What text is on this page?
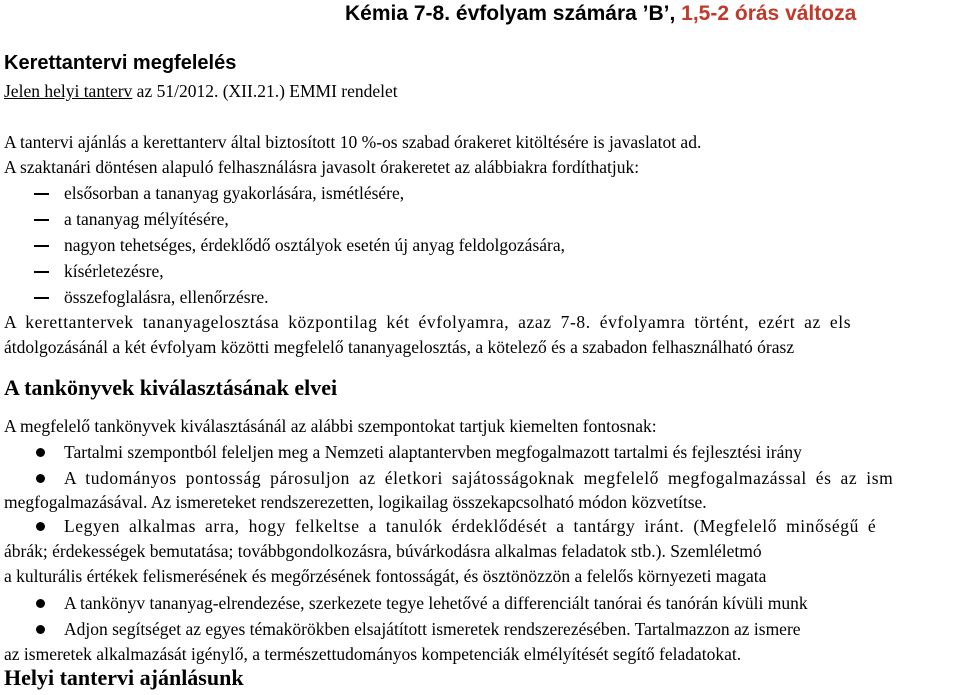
Kémia 7-8. évfolyam számára ’B’, 1,5-2 órás változa
Kerettantervi megfelelés
Jelen helyi tanterv az 51/2012. (XII.21.) EMMI rendelet
A tantervi ajánlás a kerettanterv által biztosított 10 %-os szabad órakeret kitöltésére is javaslatot ad.
A szaktanári döntésen alapuló felhasználásra javasolt órakeretet az alábbiakra fordíthatjuk:
elsősorban a tananyag gyakorlására, ismétlésére,
a tananyag mélyítésére,
nagyon tehetséges, érdeklődő osztályok esetén új anyag feldolgozására,
kísérletezésre,
összefoglalásra, ellenőrzésre.
A kerettantervek tananyagelosztása központilag két évfolyamra, azaz 7-8. évfolyamra történt, ezért az els
átdolgozásánál a két évfolyam közötti megfelelő tananyagelosztás, a kötelező és a szabadon felhasználható órasz
A tankönyvek kiválasztásának elvei
A megfelelő tankönyvek kiválasztásánál az alábbi szempontokat tartjuk kiemelten fontosnak:
Tartalmi szempontból feleljen meg a Nemzeti alaptantervben megfogalmazott tartalmi és fejlesztési irány
A tudományos pontosság párosuljon az életkori sajátosságoknak megfelelő megfogalmazással és az ism
megfogalmazásával. Az ismereteket rendszerezetten, logikailag összekapcsolható módon közvetítse.
Legyen alkalmas arra, hogy felkeltse a tanulók érdeklődését a tantárgy iránt. (Megfelelő minőségű é
ábrák; érdekességek bemutatása; továbbgondolkozásra, búvárkodásra alkalmas feladatok stb.). Szemléletmó
a kulturális értékek felismerésének és megőrzésének fontosságát, és ösztönözzön a felelős környezeti magata
A tankönyv tananyag-elrendezése, szerkezete tegye lehetővé a differenciált tanórai és tanórán kívüli munk
Adjon segítséget az egyes témakörökben elsajátított ismeretek rendszerezésében. Tartalmazzon az ismere
az ismeretek alkalmazását igénylő, a természettudományos kompetenciák elmélyítését segítő feladatokat.
Helyi tantervi ajánlásunk
